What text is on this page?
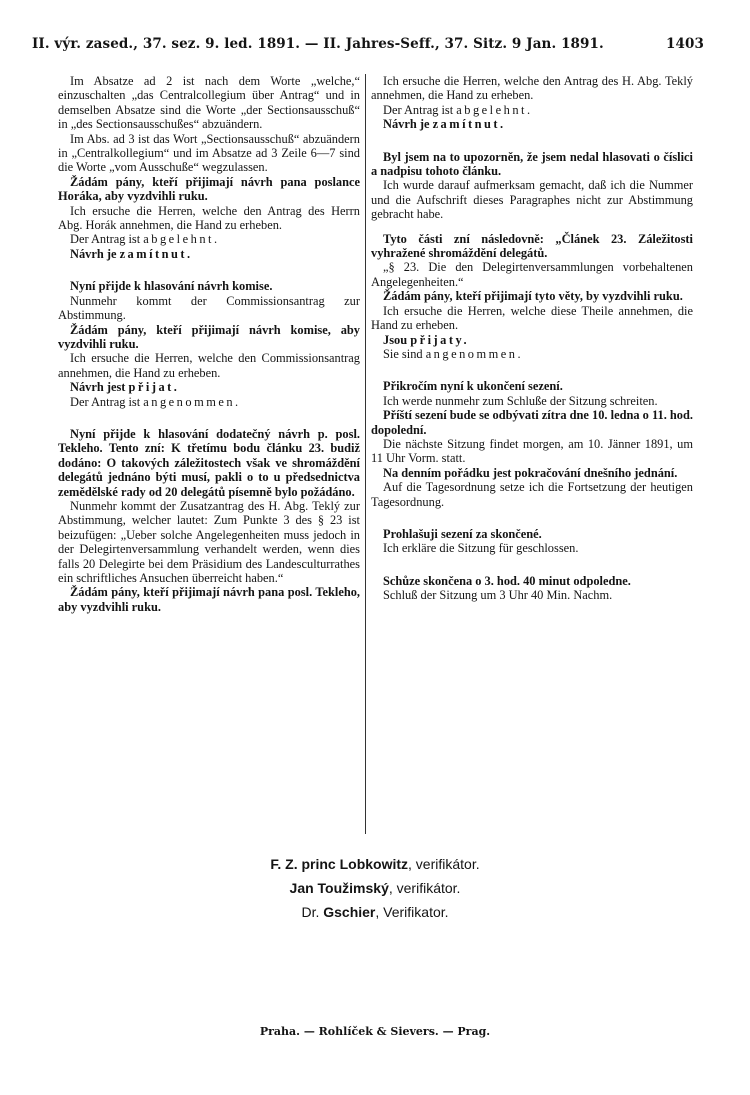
II. výr. zased., 37. sez. 9. led. 1891. — II. Jahres-Seff., 37. Sitz. 9 Jan. 1891.	1403

Im Absatze ad 2 ist nach dem Worte „welche,“ einzuschalten „das Centralcollegium über Antrag“ und in demselben Absatze sind die Worte „der Sectionsausschuß“ in „des Sectionsausschußes“ abzuändern.

Im Abs. ad 3 ist das Wort „Sectionsausschuß“ abzuändern in „Centralkollegium“ und im Absatze ad 3 Zeile 6—7 sind die Worte „vom Ausschuße“ wegzulassen.

Žádám pány, kteří přijimají návrh pana poslance Horáka, aby vyzdvihli ruku.

Ich ersuche die Herren, welche den Antrag des Herrn Abg. Horák annehmen, die Hand zu erheben.

Der Antrag ist abgelehnt.

Návrh je zamítnut.

Nyní přijde k hlasování návrh komise.

Nunmehr kommt der Commissionsantrag zur Abstimmung.

Žádám pány, kteří přijimají návrh komise, aby vyzdvihli ruku.

Ich ersuche die Herren, welche den Commissionsantrag annehmen, die Hand zu erheben.

Návrh jest přijat.

Der Antrag ist angenommen.

Nyní přijde k hlasování dodatečný návrh p. posl. Tekleho. Tento zní: K třetímu bodu článku 23. budiž dodáno: O takových záležitostech však ve shromáždění delegátů jednáno býti musí, pakli o to u předsednictva zemědělské rady od 20 delegátů písemně bylo požádáno.

Nunmehr kommt der Zusatzantrag des H. Abg. Teklý zur Abstimmung, welcher lautet: Zum Punkte 3 des § 23 ist beizufügen: „Ueber solche Angelegenheiten muss jedoch in der Delegirtenversammlung verhandelt werden, wenn dies falls 20 Delegirte bei dem Präsidium des Landesculturrathes ein schriftliches Ansuchen überreicht haben.“

Žádám pány, kteří přijimají návrh pana posl. Tekleho, aby vyzdvihli ruku.

Ich ersuche die Herren, welche den Antrag des H. Abg. Teklý annehmen, die Hand zu erheben.

Der Antrag ist abgelehnt.

Návrh je zamítnut.

Byl jsem na to upozorněn, že jsem nedal hlasovati o číslici a nadpisu tohoto článku.

Ich wurde darauf aufmerksam gemacht, daß ich die Nummer und die Aufschrift dieses Paragraphes nicht zur Abstimmung gebracht habe.

Tyto části zní následovně: „Článek 23. Záležitosti vyhražené shromáždění delegátů.

„§ 23. Die den Delegirtenversammlungen vorbehaltenen Angelegenheiten.“

Žádám pány, kteří přijimají tyto věty, by vyzdvihli ruku.

Ich ersuche die Herren, welche diese Theile annehmen, die Hand zu erheben.

Jsou přijaty.

Sie sind angenommen.

Přikročím nyní k ukončení sezení.

Ich werde nunmehr zum Schluße der Sitzung schreiten.

Příští sezení bude se odbývati zítra dne 10. ledna o 11. hod. dopolední.

Die nächste Sitzung findet morgen, am 10. Jänner 1891, um 11 Uhr Vorm. statt.

Na denním pořádku jest pokračování dnešního jednání.

Auf die Tagesordnung setze ich die Fortsetzung der heutigen Tagesordnung.

Prohlašuji sezení za skončené.

Ich erkläre die Sitzung für geschlossen.

Schůze skončena o 3. hod. 40 minut odpoledne.

Schluß der Sitzung um 3 Uhr 40 Min. Nachm.

F. Z. princ Lobkowitz, verifikátor.
Jan Toužimský, verifikátor.
Dr. Gschier, Verifikator.
Praha. — Rohlíček & Sievers. — Prag.
